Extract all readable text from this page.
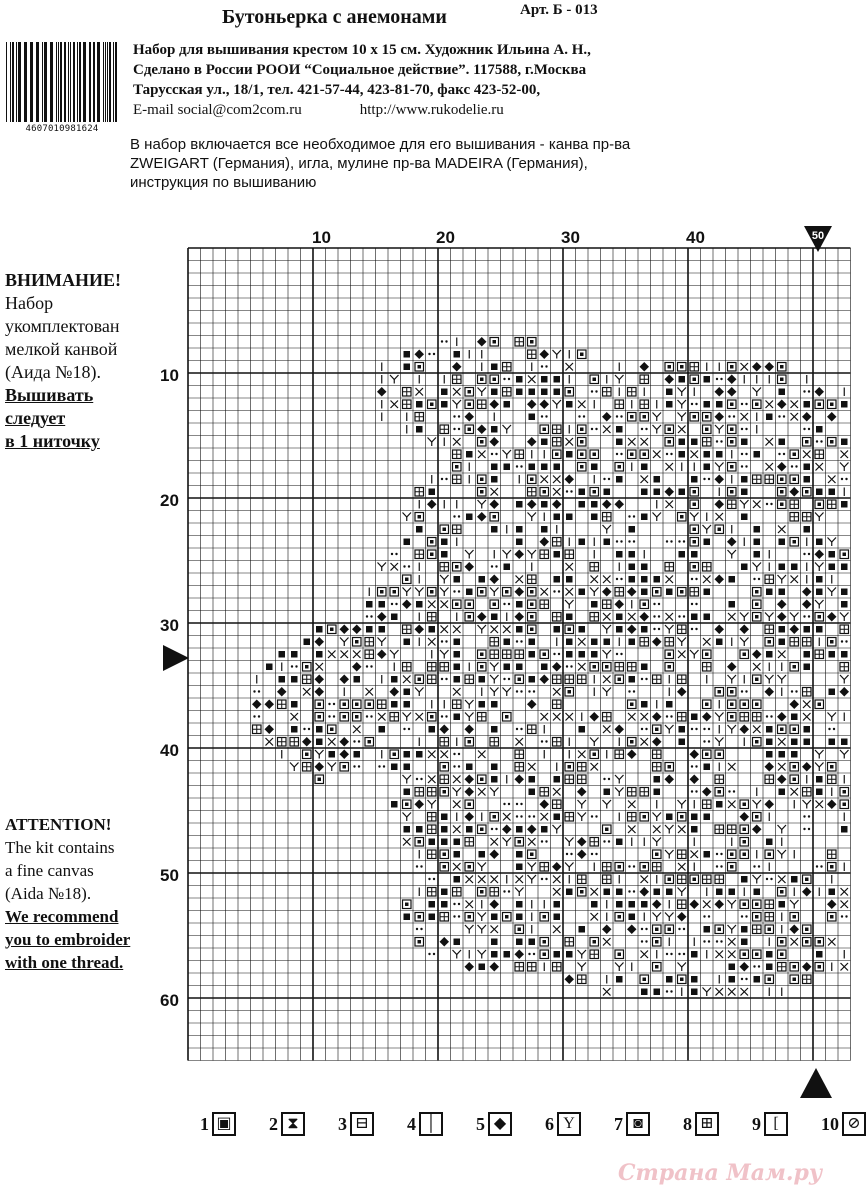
Бутоньерка с анемонами	Арт. Б - 013
4607010981624
Набор для вышивания крестом 10 х 15 см. Художник Ильина А. Н.,
Сделано в России РООИ “Социальное действие”. 117588, г.Москва
Тарусская ул., 18/1, тел. 421-57-44, 423-81-70, факс 423-52-00,
E-mail social@com2com.ru	http://www.rukodelie.ru
В набор включается все необходимое для его вышивания - канва пр-ва
ZWEIGART (Германия), игла, мулине пр-ва MADEIRA (Германия),
инструкция по вышиванию
ВНИМАНИЕ!
Набор
укомплектован
мелкой канвой
(Аида №18).
Вышивать
следует
в 1 ниточку
ATTENTION!
The kit contains
a fine canvas
(Aida №18).
We recommend
you to embroider
with one thread.
10	20	30	40
10
20
30
40
50
60
50
1 ▣ 2 ⧗	3 ⊟ 4 │	5 ◆	6 Y	7 ◙	8 ⊞ 9 [	10 ⊘
Страна Мам.ру
